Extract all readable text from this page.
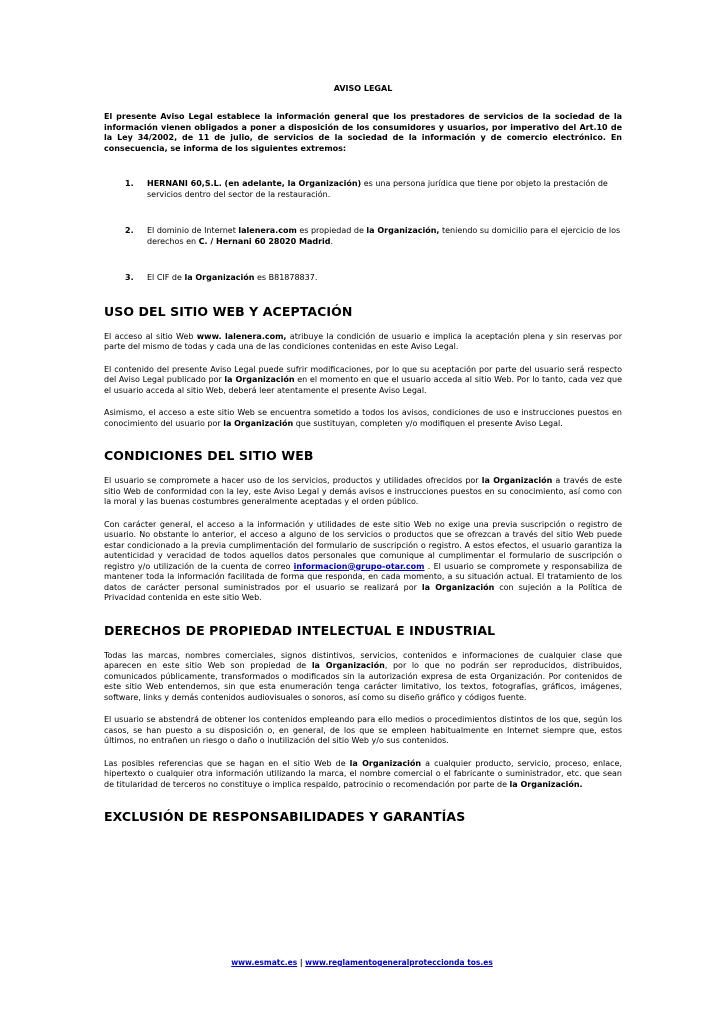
AVISO LEGAL

El presente Aviso Legal establece la información general que los prestadores de servicios de la sociedad de la información vienen obligados a poner a disposición de los consumidores y usuarios, por imperativo del Art.10 de la Ley 34/2002, de 11 de julio, de servicios de la sociedad de la información y de comercio electrónico. En consecuencia, se informa de los siguientes extremos:

1. HERNANI 60,S.L. (en adelante, la Organización) es una persona jurídica que tiene por objeto la prestación de servicios dentro del sector de la restauración.
2. El dominio de Internet lalenera.com es propiedad de la Organización, teniendo su domicilio para el ejercicio de los derechos en C. / Hernani 60 28020 Madrid.
3. El CIF de la Organización es B81878837.
USO DEL SITIO WEB Y ACEPTACIÓN

El acceso al sitio Web www. lalenera.com, atribuye la condición de usuario e implica la aceptación plena y sin reservas por parte del mismo de todas y cada una de las condiciones contenidas en este Aviso Legal.

El contenido del presente Aviso Legal puede sufrir modificaciones, por lo que su aceptación por parte del usuario será respecto del Aviso Legal publicado por la Organización en el momento en que el usuario acceda al sitio Web. Por lo tanto, cada vez que el usuario acceda al sitio Web, deberá leer atentamente el presente Aviso Legal.

Asimismo, el acceso a este sitio Web se encuentra sometido a todos los avisos, condiciones de uso e instrucciones puestos en conocimiento del usuario por la Organización que sustituyan, completen y/o modifiquen el presente Aviso Legal.

CONDICIONES DEL SITIO WEB

El usuario se compromete a hacer uso de los servicios, productos y utilidades ofrecidos por la Organización a través de este sitio Web de conformidad con la ley, este Aviso Legal y demás avisos e instrucciones puestos en su conocimiento, así como con la moral y las buenas costumbres generalmente aceptadas y el orden público.

Con carácter general, el acceso a la información y utilidades de este sitio Web no exige una previa suscripción o registro de usuario. No obstante lo anterior, el acceso a alguno de los servicios o productos que se ofrezcan a través del sitio Web puede estar condicionado a la previa cumplimentación del formulario de suscripción o registro. A estos efectos, el usuario garantiza la autenticidad y veracidad de todos aquellos datos personales que comunique al cumplimentar el formulario de suscripción o registro y/o utilización de la cuenta de correo informacion@grupo-otar.com . El usuario se compromete y responsabiliza de mantener toda la información facilitada de forma que responda, en cada momento, a su situación actual. El tratamiento de los datos de carácter personal suministrados por el usuario se realizará por la Organización con sujeción a la Política de Privacidad contenida en este sitio Web.

DERECHOS DE PROPIEDAD INTELECTUAL E INDUSTRIAL

Todas las marcas, nombres comerciales, signos distintivos, servicios, contenidos e informaciones de cualquier clase que aparecen en este sitio Web son propiedad de la Organización, por lo que no podrán ser reproducidos, distribuidos, comunicados públicamente, transformados o modificados sin la autorización expresa de esta Organización. Por contenidos de este sitio Web entendemos, sin que esta enumeración tenga carácter limitativo, los textos, fotografías, gráficos, imágenes, software, links y demás contenidos audiovisuales o sonoros, así como su diseño gráfico y códigos fuente.

El usuario se abstendrá de obtener los contenidos empleando para ello medios o procedimientos distintos de los que, según los casos, se han puesto a su disposición o, en general, de los que se empleen habitualmente en Internet siempre que, estos últimos, no entrañen un riesgo o daño o inutilización del sitio Web y/o sus contenidos.

Las posibles referencias que se hagan en el sitio Web de la Organización a cualquier producto, servicio, proceso, enlace, hipertexto o cualquier otra información utilizando la marca, el nombre comercial o el fabricante o suministrador, etc. que sean de titularidad de terceros no constituye o implica respaldo, patrocinio o recomendación por parte de la Organización.

EXCLUSIÓN DE RESPONSABILIDADES Y GARANTÍAS
www.esmatc.es | www.reglamentogeneralproteccionda tos.es
